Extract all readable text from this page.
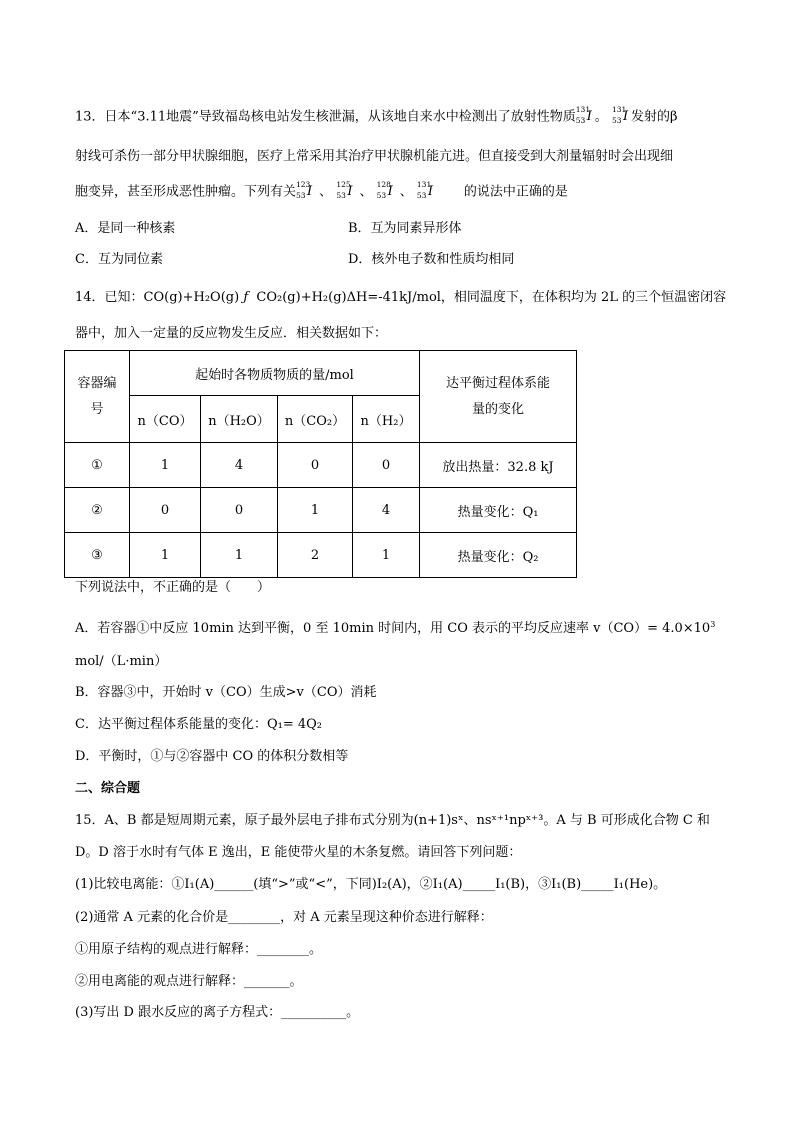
13．日本“3.11地震”导致福岛核电站发生核泄漏，从该地自来水中检测出了放射性物质 131
53 I 。 131
53 I 发射的β
射线可杀伤一部分甲状腺细胞，医疗上常采用其治疗甲状腺机能亢进。但直接受到大剂量辐射时会出现细
胞变异，甚至形成恶性肿瘤。下列有关 123
53 I 、 125
53 I 、 128
53 I 、 131
53 I 的说法中正确的是
A．是同一种核素	B．互为同素异形体
C．互为同位素	D．核外电子数和性质均相同
14．已知：CO(g)+H₂O(g) ƒ CO₂(g)+H₂(g)ΔH=-41kJ/mol，相同温度下，在体积均为 2L 的三个恒温密闭容
器中，加入一定量的反应物发生反应．相关数据如下：
容器编号	起始时各物质物质的量/mol				达平衡过程体系能量的变化
	n（CO）	n（H₂O）	n（CO₂）	n（H₂）	
①	1	4	0	0	放出热量：32.8 kJ
②	0	0	1	4	热量变化：Q₁
③	1	1	2	1	热量变化：Q₂
下列说法中，不正确的是（　　）
A．若容器①中反应 10min 达到平衡，0 至 10min 时间内，用 CO 表示的平均反应速率 $v(CO)= 4.0\times 10^3$
mol/（L·min）
B．容器③中，开始时 v（CO）生成>v（CO）消耗
C．达平衡过程体系能量的变化：Q₁= 4Q₂
D．平衡时，①与②容器中 CO 的体积分数相等
二、综合题
15．A、B 都是短周期元素，原子最外层电子排布式分别为(n+1)sˣ、nsˣ⁺¹npˣ⁺³。A 与 B 可形成化合物 C 和
D。D 溶于水时有气体 E 逸出，E 能使带火星的木条复燃。请回答下列问题：
(1)比较电离能：①I₁(A)______(填“>”或“<”，下同)I₂(A)，②I₁(A)_____I₁(B)，③I₁(B)_____I₁(He)。
(2)通常 A 元素的化合价是________，对 A 元素呈现这种价态进行解释：
①用原子结构的观点进行解释：________。
②用电离能的观点进行解释：_______。
(3)写出 D 跟水反应的离子方程式：__________。
